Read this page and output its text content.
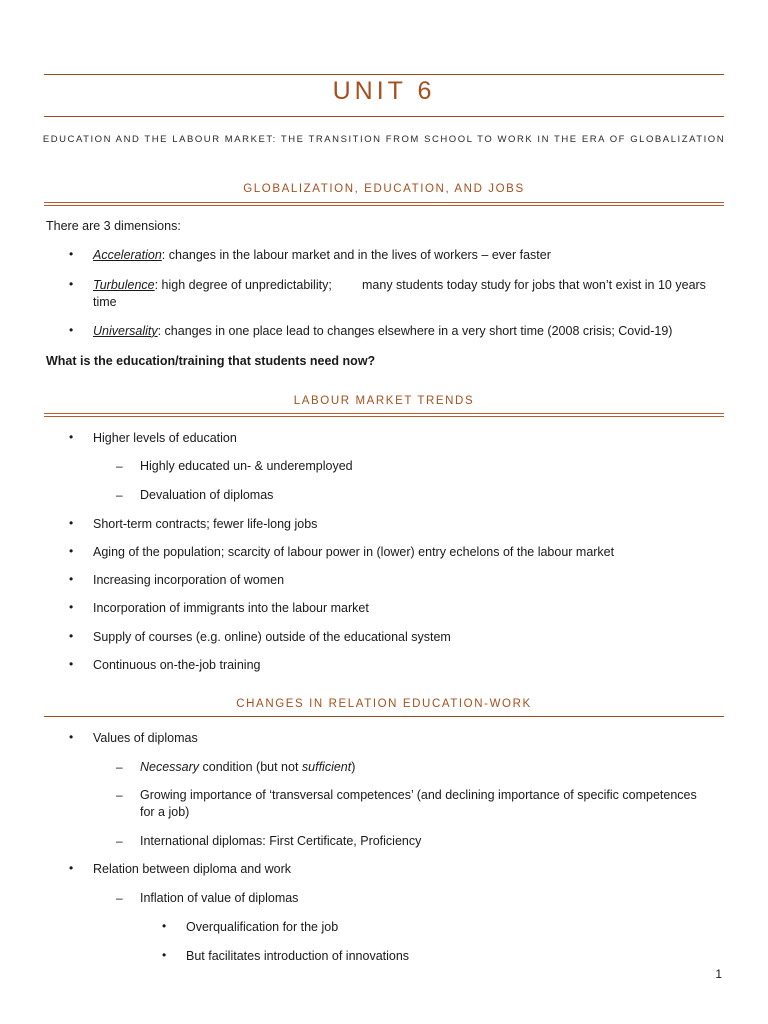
UNIT 6
EDUCATION AND THE LABOUR MARKET: THE TRANSITION FROM SCHOOL TO WORK IN THE ERA OF GLOBALIZATION
GLOBALIZATION, EDUCATION, AND JOBS
There are 3 dimensions:
• Acceleration: changes in the labour market and in the lives of workers – ever faster
• Turbulence: high degree of unpredictability; many students today study for jobs that won’t exist in 10 years
time
• Universality: changes in one place lead to changes elsewhere in a very short time (2008 crisis; Covid-19)
What is the education/training that students need now?
LABOUR MARKET TRENDS
• Higher levels of education
– Highly educated un- & underemployed
– Devaluation of diplomas
• Short-term contracts; fewer life-long jobs
• Aging of the population; scarcity of labour power in (lower) entry echelons of the labour market
• Increasing incorporation of women
• Incorporation of immigrants into the labour market
• Supply of courses (e.g. online) outside of the educational system
• Continuous on-the-job training
CHANGES IN RELATION EDUCATION-WORK
• Values of diplomas
– Necessary condition (but not sufficient)
– Growing importance of ‘transversal competences’ (and declining importance of specific competences
for a job)
– International diplomas: First Certificate, Proficiency
• Relation between diploma and work
– Inflation of value of diplomas
• Overqualification for the job
• But facilitates introduction of innovations
1
